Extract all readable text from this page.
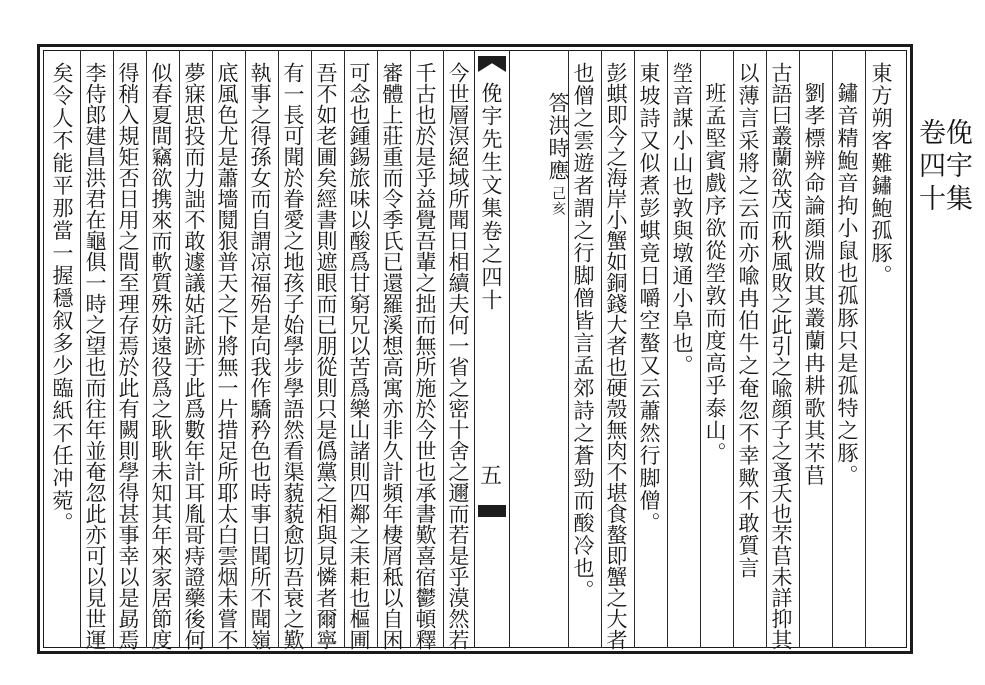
俛宇集
卷四十
俛宇先生文集卷之四十
五
東方朔客難鏽鮑孤豚。
鏽音精鮑音拘小鼠也孤豚只是孤特之豚。
劉孝標辨命論顔淵敗其叢蘭冉耕歌其芣苢
古語曰叢蘭欲茂而秋風敗之此引之喩顔子之蚤夭也芣苢未詳抑其
以薄言采將之云而亦喩冉伯牛之奄忽不幸歟不敢質言
班孟堅賓戲序欲從塋敦而度高乎泰山。
塋音謀小山也敦與墩通小阜也。
東坡詩又似煮彭蜞竟日嚼空螯又云蕭然行脚僧。
彭蜞即今之海岸小蟹如銅錢大者也硬殼無肉不堪食螯即蟹之大者
也僧之雲遊者謂之行脚僧皆言孟郊詩之蒼勁而酸冷也。
答洪時應
今世層溟絕域所聞日相續夫何一省之密十舍之邇而若是乎漠然若
千古也於是乎益覺吾輩之拙而無所施於今世也承書歎喜宿鬱頓釋
審體上莊重而令季氏已還羅溪想高寓亦非久計頻年棲屑秪以自困
可念也鍾錫旅味以酸爲甘窮兄以苦爲樂山諸則四鄰之耒耟也樞圃
吾不如老圃矣經書則遮眼而已朋從則只是僞黨之相與見憐者爾寧
有一長可聞於眷愛之地孩子始學步學語然看渠藐藐愈切吾衰之歎
執事之得孫女而自謂凉福殆是向我作驕矜色也時事日聞所不聞嶺
底風色尤是蕭墻鬩狠普天之下將無一片措足所耶太白雲烟未嘗不
夢寐思投而力詘不敢遽議姑託跡于此爲數年計耳胤哥痔證藥後何
似春夏間竊欲携來而軟質殊妨遠役爲之耿耿未知其年來家居節度
得稍入規矩否日用之間至理存焉於此有闕則學得甚事幸以是勗焉
李侍郎建昌洪君在龜俱一時之望也而往年並奄忽此亦可以見世運
矣令人不能平那當一握穩叙多少臨紙不任冲菀。	己亥
